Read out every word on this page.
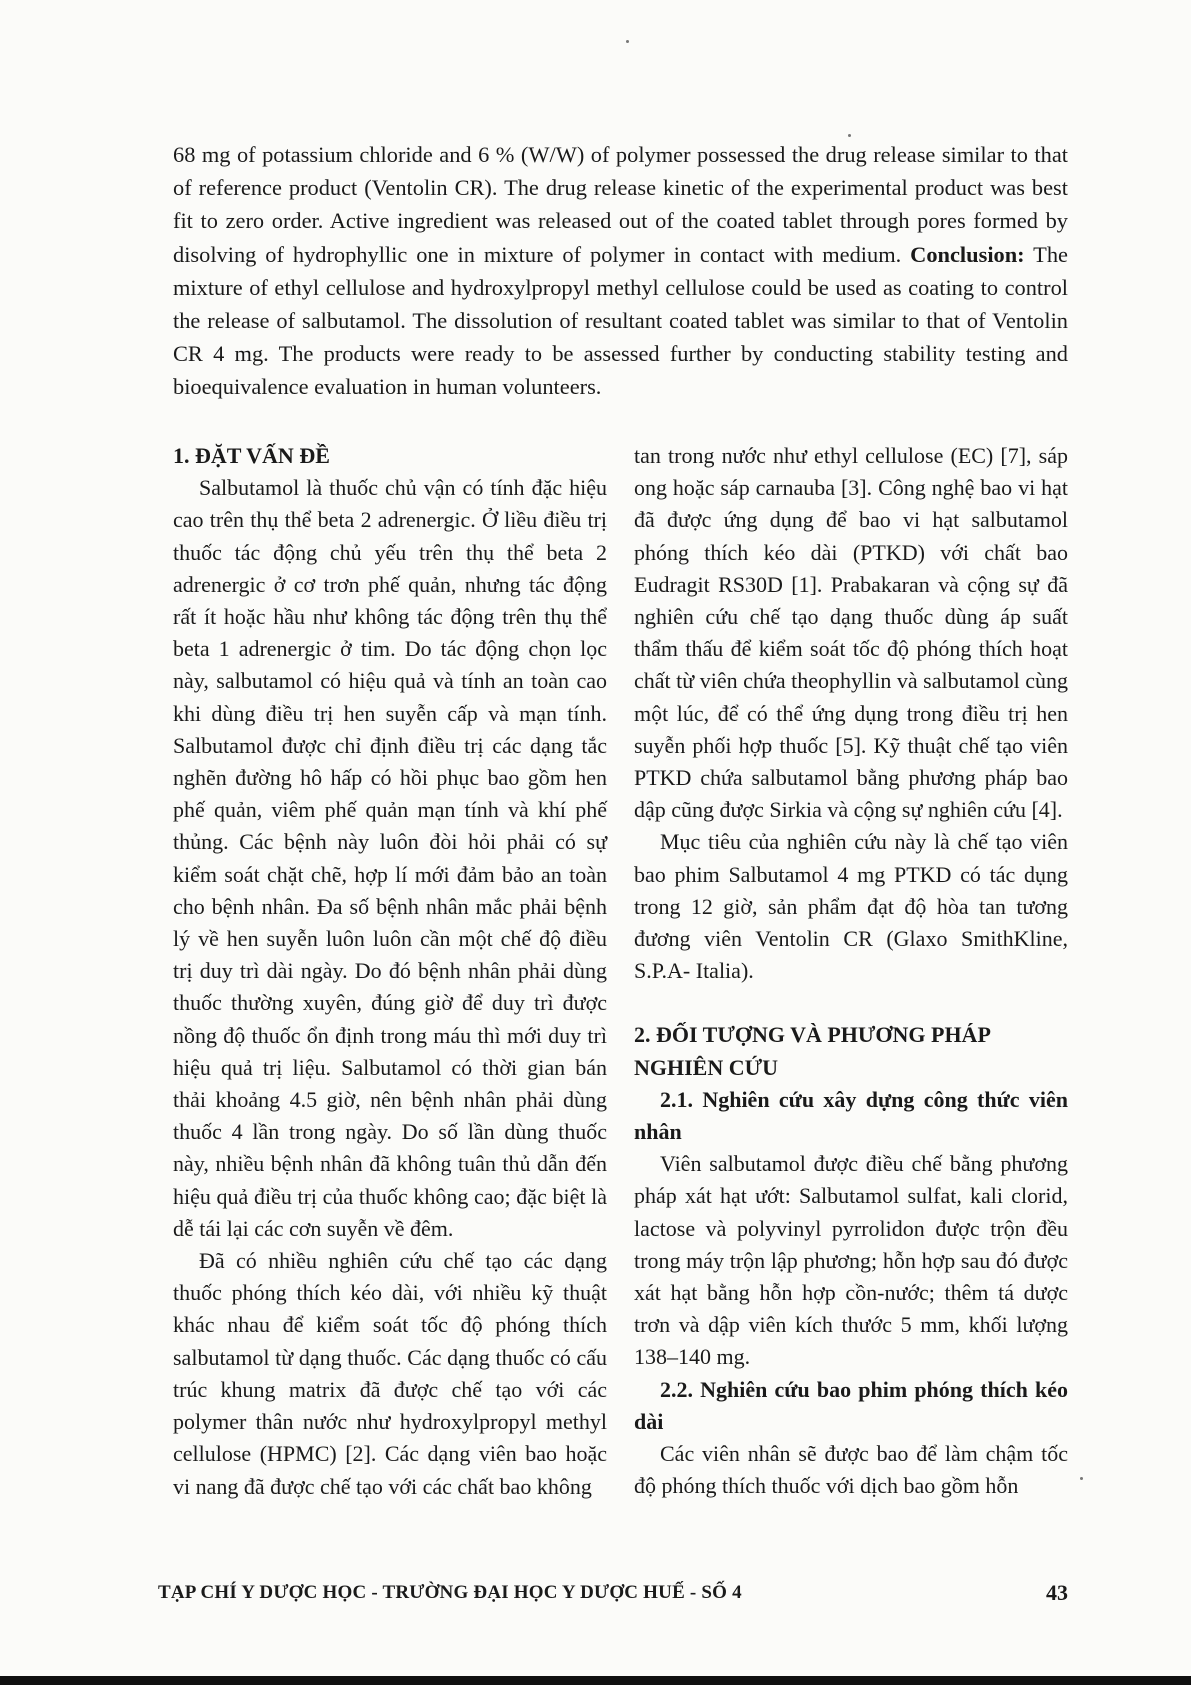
68 mg of potassium chloride and 6 % (W/W) of polymer possessed the drug release similar to that of reference product (Ventolin CR). The drug release kinetic of the experimental product was best fit to zero order. Active ingredient was released out of the coated tablet through pores formed by disolving of hydrophyllic one in mixture of polymer in contact with medium. Conclusion: The mixture of ethyl cellulose and hydroxylpropyl methyl cellulose could be used as coating to control the release of salbutamol. The dissolution of resultant coated tablet was similar to that of Ventolin CR 4 mg. The products were ready to be assessed further by conducting stability testing and bioequivalence evaluation in human volunteers.

1. ĐẶT VẤN ĐỀ

Salbutamol là thuốc chủ vận có tính đặc hiệu cao trên thụ thể beta 2 adrenergic. Ở liều điều trị thuốc tác động chủ yếu trên thụ thể beta 2 adrenergic ở cơ trơn phế quản, nhưng tác động rất ít hoặc hầu như không tác động trên thụ thể beta 1 adrenergic ở tim. Do tác động chọn lọc này, salbutamol có hiệu quả và tính an toàn cao khi dùng điều trị hen suyễn cấp và mạn tính. Salbutamol được chỉ định điều trị các dạng tắc nghẽn đường hô hấp có hồi phục bao gồm hen phế quản, viêm phế quản mạn tính và khí phế thủng. Các bệnh này luôn đòi hỏi phải có sự kiểm soát chặt chẽ, hợp lí mới đảm bảo an toàn cho bệnh nhân. Đa số bệnh nhân mắc phải bệnh lý về hen suyễn luôn luôn cần một chế độ điều trị duy trì dài ngày. Do đó bệnh nhân phải dùng thuốc thường xuyên, đúng giờ để duy trì được nồng độ thuốc ổn định trong máu thì mới duy trì hiệu quả trị liệu. Salbutamol có thời gian bán thải khoảng 4.5 giờ, nên bệnh nhân phải dùng thuốc 4 lần trong ngày. Do số lần dùng thuốc này, nhiều bệnh nhân đã không tuân thủ dẫn đến hiệu quả điều trị của thuốc không cao; đặc biệt là dễ tái lại các cơn suyễn về đêm.

Đã có nhiều nghiên cứu chế tạo các dạng thuốc phóng thích kéo dài, với nhiều kỹ thuật khác nhau để kiểm soát tốc độ phóng thích salbutamol từ dạng thuốc. Các dạng thuốc có cấu trúc khung matrix đã được chế tạo với các polymer thân nước như hydroxylpropyl methyl cellulose (HPMC) [2]. Các dạng viên bao hoặc vi nang đã được chế tạo với các chất bao không

tan trong nước như ethyl cellulose (EC) [7], sáp ong hoặc sáp carnauba [3]. Công nghệ bao vi hạt đã được ứng dụng để bao vi hạt salbutamol phóng thích kéo dài (PTKD) với chất bao Eudragit RS30D [1]. Prabakaran và cộng sự đã nghiên cứu chế tạo dạng thuốc dùng áp suất thẩm thấu để kiểm soát tốc độ phóng thích hoạt chất từ viên chứa theophyllin và salbutamol cùng một lúc, để có thể ứng dụng trong điều trị hen suyễn phối hợp thuốc [5]. Kỹ thuật chế tạo viên PTKD chứa salbutamol bằng phương pháp bao dập cũng được Sirkia và cộng sự nghiên cứu [4].

Mục tiêu của nghiên cứu này là chế tạo viên bao phim Salbutamol 4 mg PTKD có tác dụng trong 12 giờ, sản phẩm đạt độ hòa tan tương đương viên Ventolin CR (Glaxo SmithKline, S.P.A- Italia).

2. ĐỐI TƯỢNG VÀ PHƯƠNG PHÁP NGHIÊN CỨU
2.1. Nghiên cứu xây dựng công thức viên nhân

Viên salbutamol được điều chế bằng phương pháp xát hạt ướt: Salbutamol sulfat, kali clorid, lactose và polyvinyl pyrrolidon được trộn đều trong máy trộn lập phương; hỗn hợp sau đó được xát hạt bằng hỗn hợp cồn-nước; thêm tá dược trơn và dập viên kích thước 5 mm, khối lượng 138–140 mg.

2.2. Nghiên cứu bao phim phóng thích kéo dài

Các viên nhân sẽ được bao để làm chậm tốc độ phóng thích thuốc với dịch bao gồm hỗn

TẠP CHÍ Y DƯỢC HỌC - TRƯỜNG ĐẠI HỌC Y DƯỢC HUẾ - SỐ 4	43
